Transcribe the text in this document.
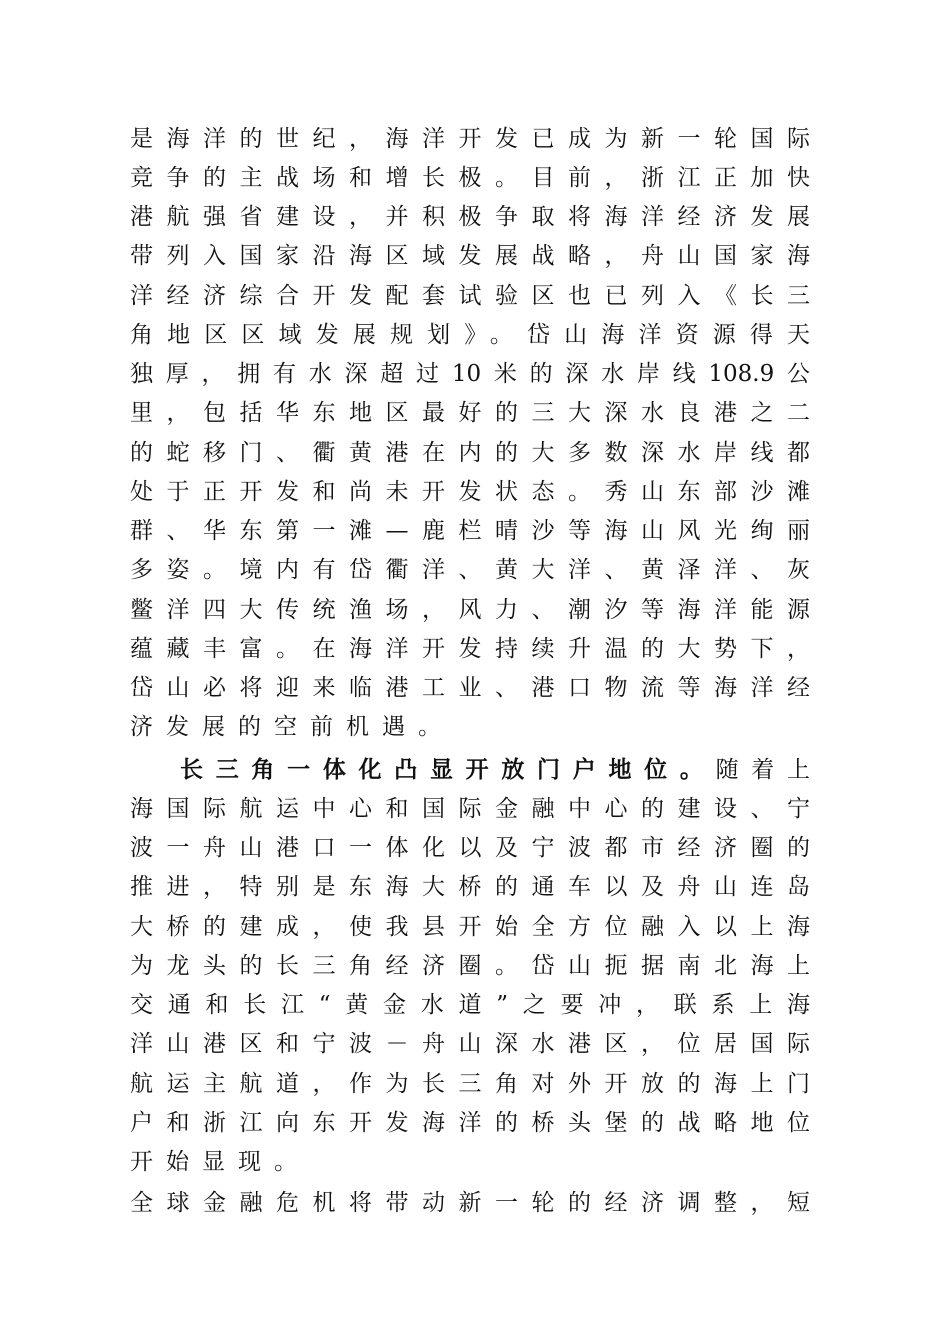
是海洋的世纪，海洋开发已成为新一轮国际
竞争的主战场和增长极。目前，浙江正加快
港航强省建设，并积极争取将海洋经济发展
带列入国家沿海区域发展战略，舟山国家海
洋经济综合开发配套试验区也已列入《长三
角地区区域发展规划》。岱山海洋资源得天
独厚，拥有水深超过10米的深水岸线108.9公
里，包括华东地区最好的三大深水良港之二
的蛇移门、衢黄港在内的大多数深水岸线都
处于正开发和尚未开发状态。秀山东部沙滩
群、华东第一滩—鹿栏晴沙等海山风光绚丽
多姿。境内有岱衢洋、黄大洋、黄泽洋、灰
鳖洋四大传统渔场，风力、潮汐等海洋能源
蕴藏丰富。在海洋开发持续升温的大势下，
岱山必将迎来临港工业、港口物流等海洋经
济发展的空前机遇。
长三角一体化凸显开放门户地位。随着上
海国际航运中心和国际金融中心的建设、宁
波一舟山港口一体化以及宁波都市经济圈的
推进，特别是东海大桥的通车以及舟山连岛
大桥的建成，使我县开始全方位融入以上海
为龙头的长三角经济圈。岱山扼据南北海上
交通和长江“黄金水道”之要冲，联系上海
洋山港区和宁波－舟山深水港区，位居国际
航运主航道，作为长三角对外开放的海上门
户和浙江向东开发海洋的桥头堡的战略地位
开始显现。
全球金融危机将带动新一轮的经济调整，短
